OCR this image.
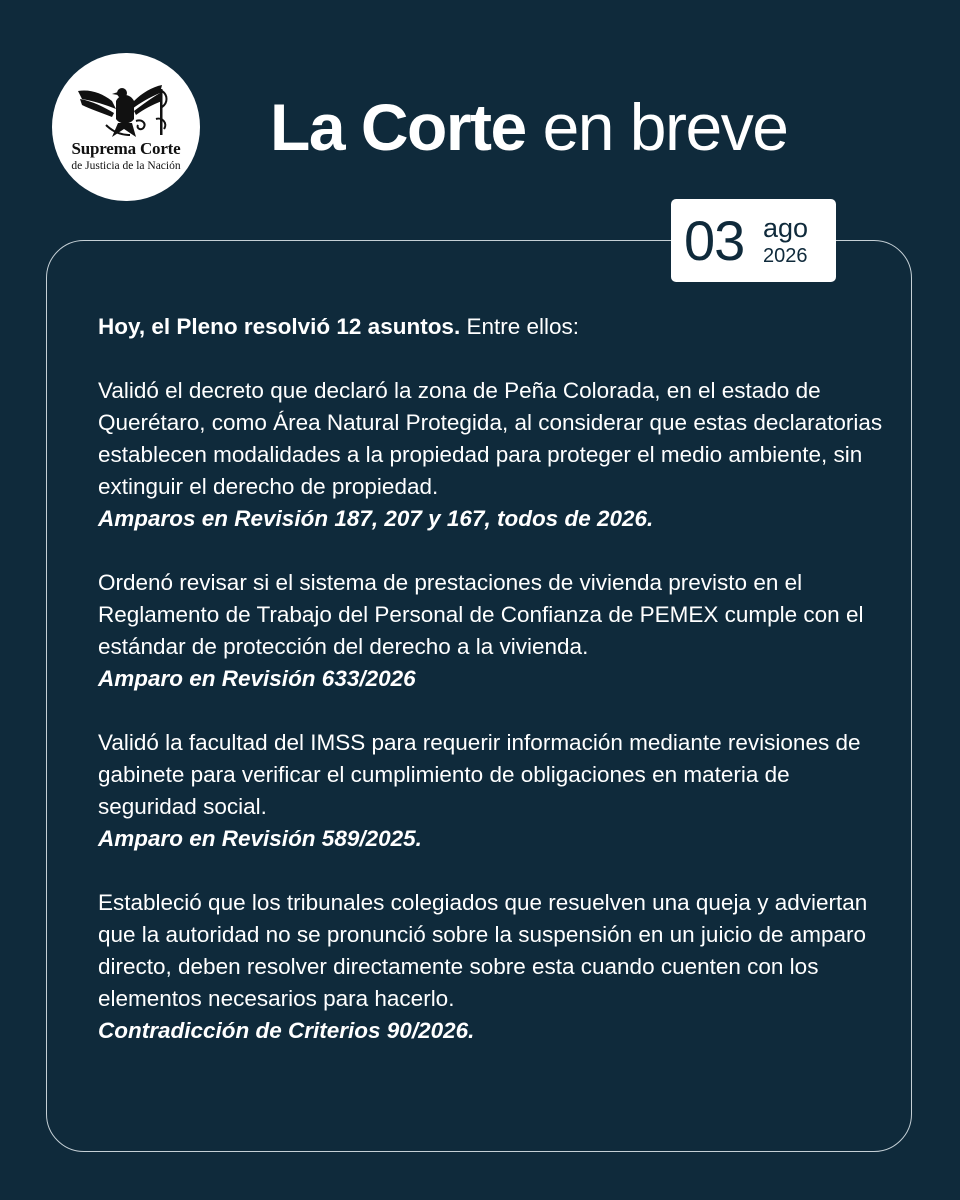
Suprema Corte
de Justicia de la Nación
La Corte en breve
03 ago
2026

Hoy, el Pleno resolvió 12 asuntos. Entre ellos:

Validó el decreto que declaró la zona de Peña Colorada, en el estado de Querétaro, como Área Natural Protegida, al considerar que estas declaratorias establecen modalidades a la propiedad para proteger el medio ambiente, sin extinguir el derecho de propiedad.
Amparos en Revisión 187, 207 y 167, todos de 2026.

Ordenó revisar si el sistema de prestaciones de vivienda previsto en el Reglamento de Trabajo del Personal de Confianza de PEMEX cumple con el estándar de protección del derecho a la vivienda.
Amparo en Revisión 633/2026

Validó la facultad del IMSS para requerir información mediante revisiones de gabinete para verificar el cumplimiento de obligaciones en materia de seguridad social.
Amparo en Revisión 589/2025.

Estableció que los tribunales colegiados que resuelven una queja y adviertan que la autoridad no se pronunció sobre la suspensión en un juicio de amparo directo, deben resolver directamente sobre esta cuando cuenten con los elementos necesarios para hacerlo.
Contradicción de Criterios 90/2026.
